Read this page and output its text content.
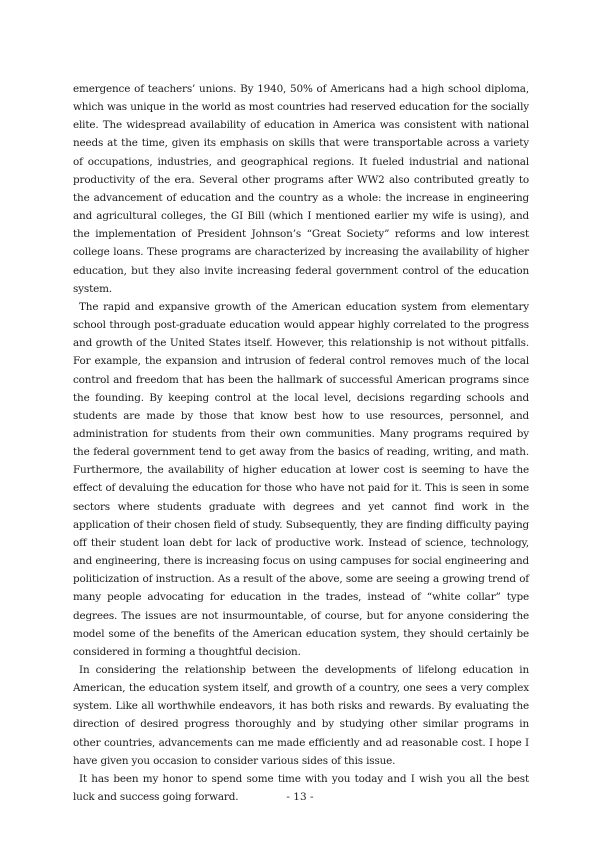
emergence of teachers’ unions. By 1940, 50% of Americans had a high school diploma, which was unique in the world as most countries had reserved education for the socially elite. The widespread availability of education in America was consistent with national needs at the time, given its emphasis on skills that were transportable across a variety of occupations, industries, and geographical regions. It fueled industrial and national productivity of the era. Several other programs after WW2 also contributed greatly to the advancement of education and the country as a whole: the increase in engineering and agricultural colleges, the GI Bill (which I mentioned earlier my wife is using), and the implementation of President Johnson’s “Great Society” reforms and low interest college loans. These programs are characterized by increasing the availability of higher education, but they also invite increasing federal government control of the education system.

The rapid and expansive growth of the American education system from elementary school through post-graduate education would appear highly correlated to the progress and growth of the United States itself. However, this relationship is not without pitfalls. For example, the expansion and intrusion of federal control removes much of the local control and freedom that has been the hallmark of successful American programs since the founding. By keeping control at the local level, decisions regarding schools and students are made by those that know best how to use resources, personnel, and administration for students from their own communities. Many programs required by the federal government tend to get away from the basics of reading, writing, and math. Furthermore, the availability of higher education at lower cost is seeming to have the effect of devaluing the education for those who have not paid for it. This is seen in some sectors where students graduate with degrees and yet cannot find work in the application of their chosen field of study. Subsequently, they are finding difficulty paying off their student loan debt for lack of productive work. Instead of science, technology, and engineering, there is increasing focus on using campuses for social engineering and politicization of instruction. As a result of the above, some are seeing a growing trend of many people advocating for education in the trades, instead of “white collar” type degrees. The issues are not insurmountable, of course, but for anyone considering the model some of the benefits of the American education system, they should certainly be considered in forming a thoughtful decision.

In considering the relationship between the developments of lifelong education in American, the education system itself, and growth of a country, one sees a very complex system. Like all worthwhile endeavors, it has both risks and rewards. By evaluating the direction of desired progress thoroughly and by studying other similar programs in other countries, advancements can me made efficiently and ad reasonable cost. I hope I have given you occasion to consider various sides of this issue.

It has been my honor to spend some time with you today and I wish you all the best luck and success going forward.	- 13 -
